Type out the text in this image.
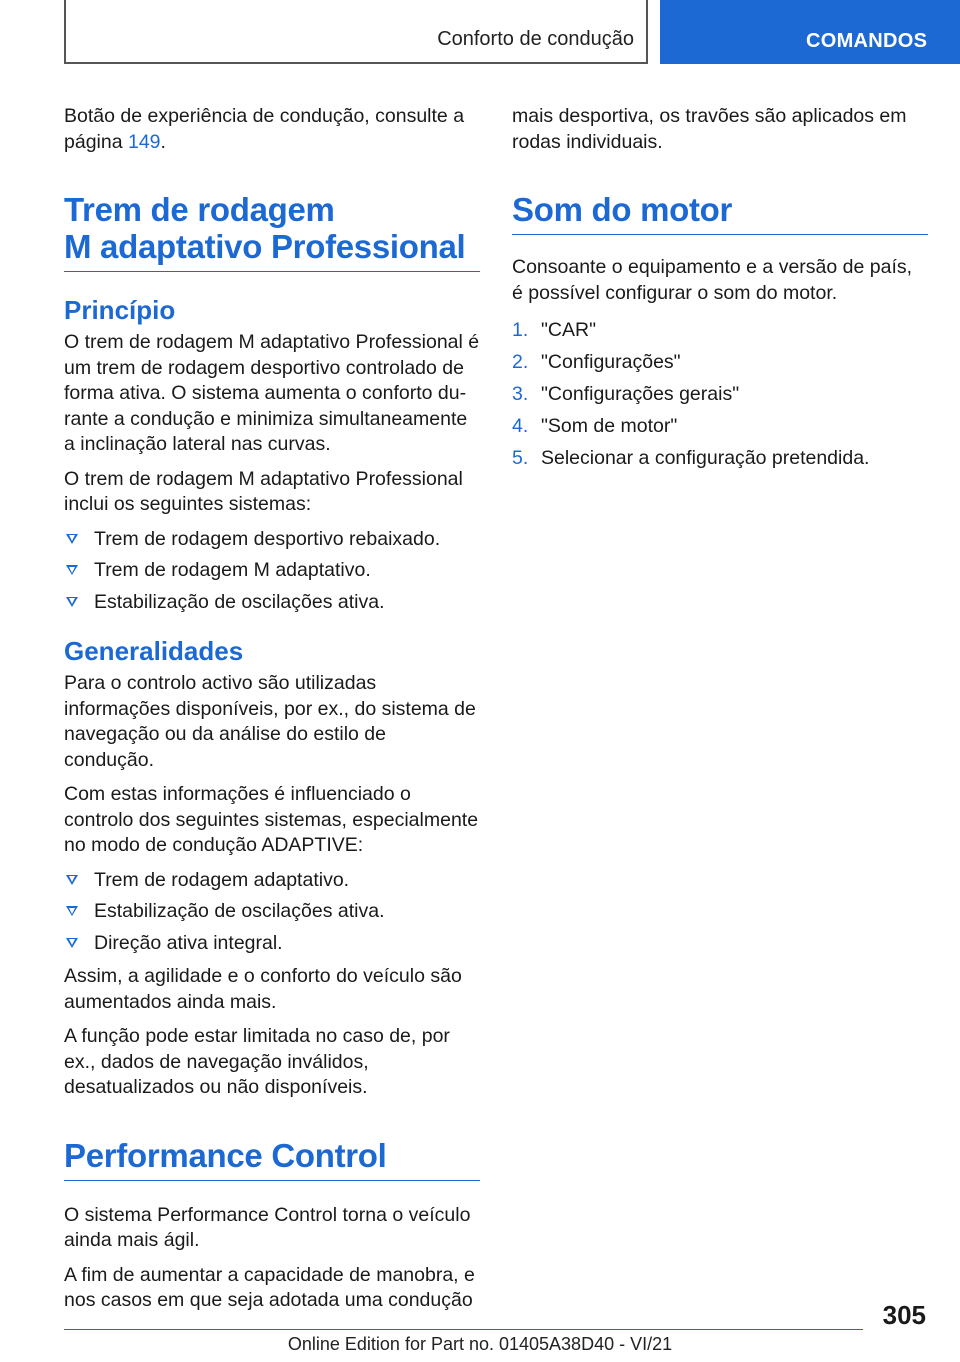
Conforto de condução	COMANDOS

Botão de experiência de condução, consulte a página 149.

Trem de rodagem
M adaptativo Professional
Princípio

O trem de rodagem M adaptativo Professional é um trem de rodagem desportivo controlado de forma ativa. O sistema aumenta o conforto durante a condução e minimiza simultaneamente a inclinação lateral nas curvas.

O trem de rodagem M adaptativo Professional inclui os seguintes sistemas:

Trem de rodagem desportivo rebaixado.
Trem de rodagem M adaptativo.
Estabilização de oscilações ativa.
Generalidades

Para o controlo activo são utilizadas informações disponíveis, por ex., do sistema de navegação ou da análise do estilo de condução.

Com estas informações é influenciado o controlo dos seguintes sistemas, especialmente no modo de condução ADAPTIVE:

Trem de rodagem adaptativo.
Estabilização de oscilações ativa.
Direção ativa integral.

Assim, a agilidade e o conforto do veículo são aumentados ainda mais.

A função pode estar limitada no caso de, por ex., dados de navegação inválidos, desatualizados ou não disponíveis.

Performance Control

O sistema Performance Control torna o veículo ainda mais ágil.

A fim de aumentar a capacidade de manobra, e nos casos em que seja adotada uma condução

mais desportiva, os travões são aplicados em rodas individuais.

Som do motor

Consoante o equipamento e a versão de país, é possível configurar o som do motor.

1. "CAR"
2. "Configurações"
3. "Configurações gerais"
4. "Som de motor"
5. Selecionar a configuração pretendida.
305
Online Edition for Part no. 01405A38D40 - VI/21
